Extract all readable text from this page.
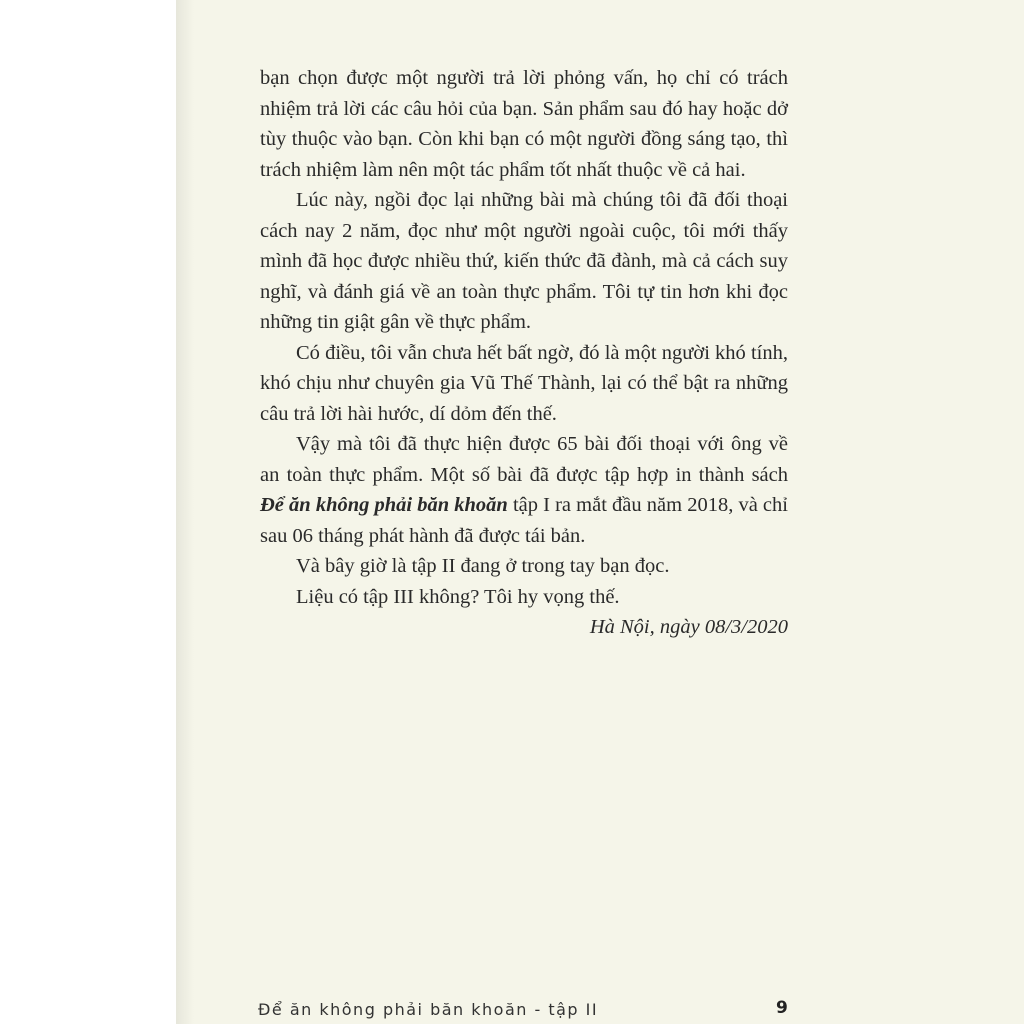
bạn chọn được một người trả lời phỏng vấn, họ chỉ có trách nhiệm trả lời các câu hỏi của bạn. Sản phẩm sau đó hay hoặc dở tùy thuộc vào bạn. Còn khi bạn có một người đồng sáng tạo, thì trách nhiệm làm nên một tác phẩm tốt nhất thuộc về cả hai.

Lúc này, ngồi đọc lại những bài mà chúng tôi đã đối thoại cách nay 2 năm, đọc như một người ngoài cuộc, tôi mới thấy mình đã học được nhiều thứ, kiến thức đã đành, mà cả cách suy nghĩ, và đánh giá về an toàn thực phẩm. Tôi tự tin hơn khi đọc những tin giật gân về thực phẩm.

Có điều, tôi vẫn chưa hết bất ngờ, đó là một người khó tính, khó chịu như chuyên gia Vũ Thế Thành, lại có thể bật ra những câu trả lời hài hước, dí dỏm đến thế.

Vậy mà tôi đã thực hiện được 65 bài đối thoại với ông về an toàn thực phẩm. Một số bài đã được tập hợp in thành sách Để ăn không phải băn khoăn tập I ra mắt đầu năm 2018, và chỉ sau 06 tháng phát hành đã được tái bản.

Và bây giờ là tập II đang ở trong tay bạn đọc.

Liệu có tập III không? Tôi hy vọng thế.

Hà Nội, ngày 08/3/2020

Để ăn không phải băn khoăn - tập II	9
